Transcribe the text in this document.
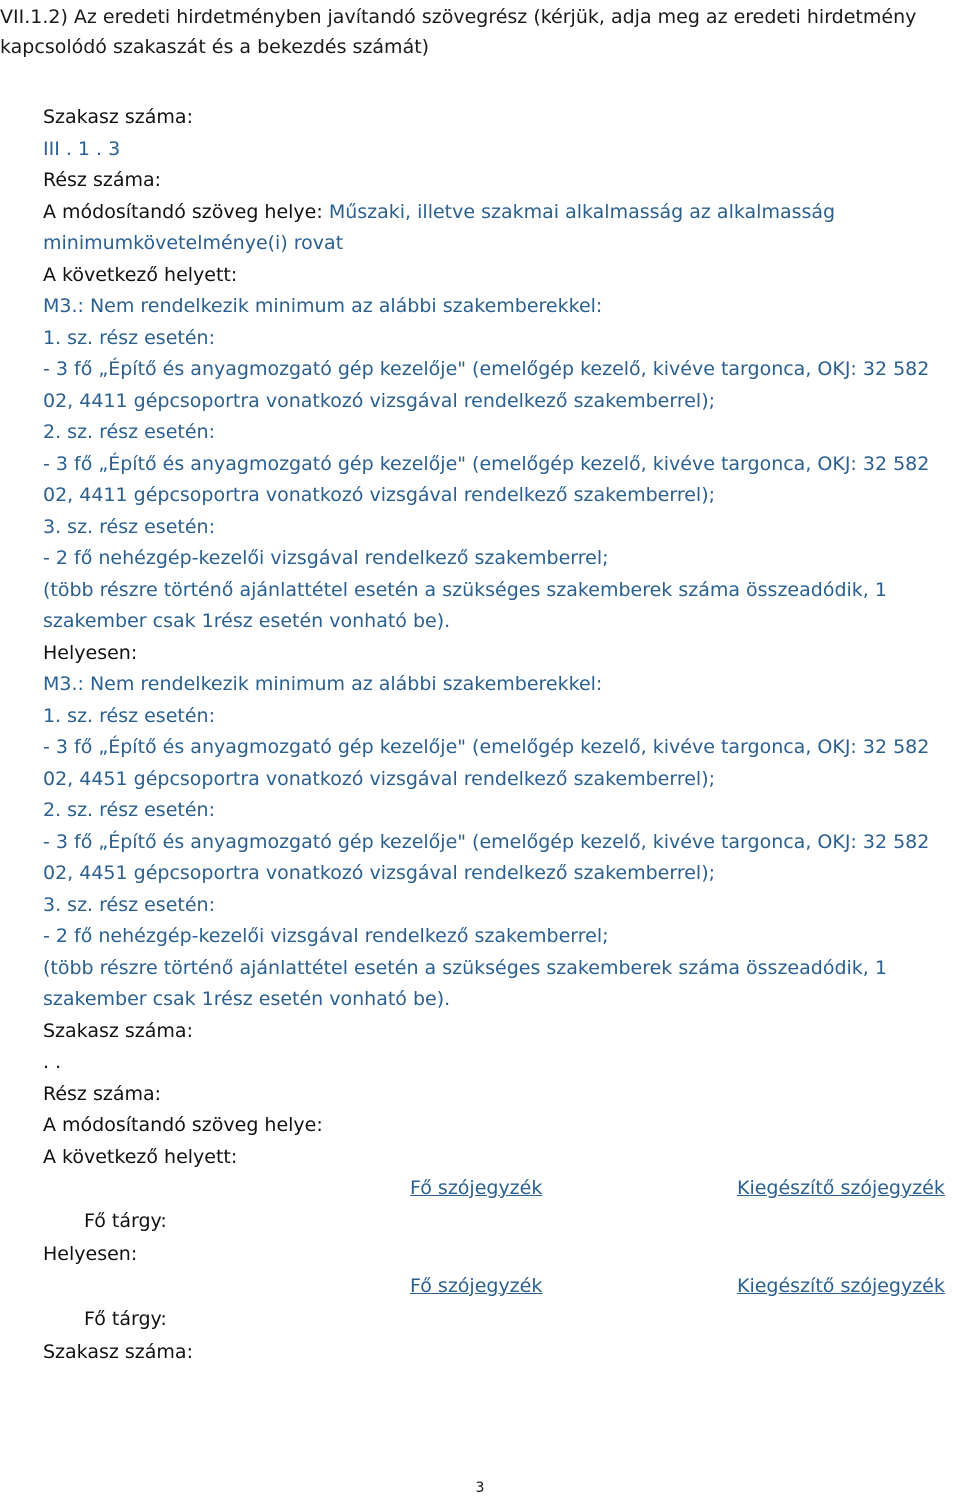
VII.1.2) Az eredeti hirdetményben javítandó szövegrész (kérjük, adja meg az eredeti hirdetmény
kapcsolódó szakaszát és a bekezdés számát)
Szakasz száma:
III . 1 . 3
Rész száma:
A módosítandó szöveg helye: Műszaki, illetve szakmai alkalmasság az alkalmasság
minimumkövetelménye(i) rovat
A következő helyett:
M3.: Nem rendelkezik minimum az alábbi szakemberekkel:
1. sz. rész esetén:
- 3 fő „Építő és anyagmozgató gép kezelője" (emelőgép kezelő, kivéve targonca, OKJ: 32 582
02, 4411 gépcsoportra vonatkozó vizsgával rendelkező szakemberrel);
2. sz. rész esetén:
- 3 fő „Építő és anyagmozgató gép kezelője" (emelőgép kezelő, kivéve targonca, OKJ: 32 582
02, 4411 gépcsoportra vonatkozó vizsgával rendelkező szakemberrel);
3. sz. rész esetén:
- 2 fő nehézgép-kezelői vizsgával rendelkező szakemberrel;
(több részre történő ajánlattétel esetén a szükséges szakemberek száma összeadódik, 1
szakember csak 1rész esetén vonható be).
Helyesen:
M3.: Nem rendelkezik minimum az alábbi szakemberekkel:
1. sz. rész esetén:
- 3 fő „Építő és anyagmozgató gép kezelője" (emelőgép kezelő, kivéve targonca, OKJ: 32 582
02, 4451 gépcsoportra vonatkozó vizsgával rendelkező szakemberrel);
2. sz. rész esetén:
- 3 fő „Építő és anyagmozgató gép kezelője" (emelőgép kezelő, kivéve targonca, OKJ: 32 582
02, 4451 gépcsoportra vonatkozó vizsgával rendelkező szakemberrel);
3. sz. rész esetén:
- 2 fő nehézgép-kezelői vizsgával rendelkező szakemberrel;
(több részre történő ajánlattétel esetén a szükséges szakemberek száma összeadódik, 1
szakember csak 1rész esetén vonható be).
Szakasz száma:
. .
Rész száma:
A módosítandó szöveg helye:
A következő helyett:
Fő szójegyzék	Kiegészítő szójegyzék
Fő tárgy:
Helyesen:
Fő szójegyzék	Kiegészítő szójegyzék
Fő tárgy:
Szakasz száma:
3
